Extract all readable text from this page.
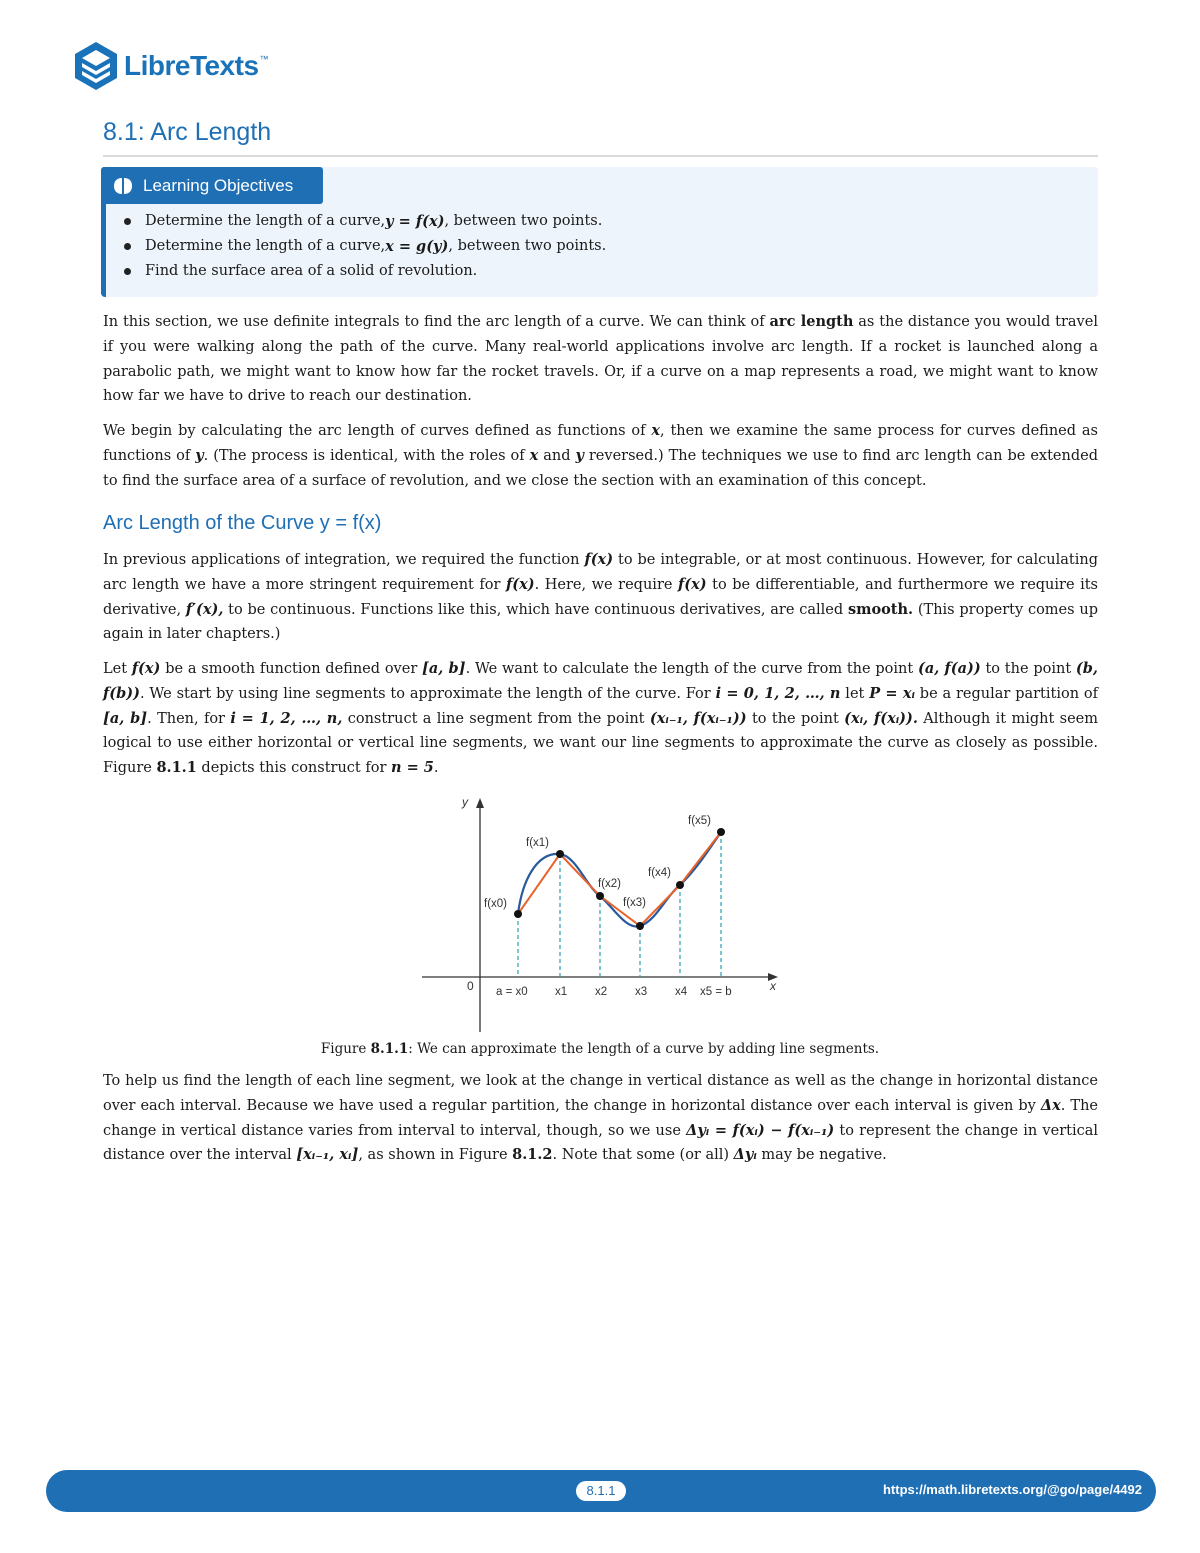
LibreTexts ™
8.1: Arc Length
Learning Objectives
Determine the length of a curve, y = f(x) , between two points.
Determine the length of a curve, x = g(y) , between two points.
Find the surface area of a solid of revolution.

In this section, we use definite integrals to find the arc length of a curve. We can think of arc length as the distance you would travel if you were walking along the path of the curve. Many real-world applications involve arc length. If a rocket is launched along a parabolic path, we might want to know how far the rocket travels. Or, if a curve on a map represents a road, we might want to know how far we have to drive to reach our destination.

We begin by calculating the arc length of curves defined as functions of x, then we examine the same process for curves defined as functions of y. (The process is identical, with the roles of x and y reversed.) The techniques we use to find arc length can be extended to find the surface area of a surface of revolution, and we close the section with an examination of this concept.

Arc Length of the Curve y = f(x)

In previous applications of integration, we required the function f(x) to be integrable, or at most continuous. However, for calculating arc length we have a more stringent requirement for f(x). Here, we require f(x) to be differentiable, and furthermore we require its derivative, f′(x), to be continuous. Functions like this, which have continuous derivatives, are called smooth. (This property comes up again in later chapters.)

Let f(x) be a smooth function defined over [a, b]. We want to calculate the length of the curve from the point (a, f(a)) to the point (b, f(b)). We start by using line segments to approximate the length of the curve. For i = 0, 1, 2, …, n let P = xᵢ be a regular partition of [a, b]. Then, for i = 1, 2, …, n, construct a line segment from the point (xᵢ₋₁, f(xᵢ₋₁)) to the point (xᵢ, f(xᵢ)). Although it might seem logical to use either horizontal or vertical line segments, we want our line segments to approximate the curve as closely as possible. Figure 8.1.1 depicts this construct for n = 5.

y
x
0
f(x0)
f(x1)
f(x2)
f(x3)
f(x4)
f(x5)
a = x0 x1 x2 x3 x4 x5 = b
Figure 8.1.1: We can approximate the length of a curve by adding line segments.

To help us find the length of each line segment, we look at the change in vertical distance as well as the change in horizontal distance over each interval. Because we have used a regular partition, the change in horizontal distance over each interval is given by Δx. The change in vertical distance varies from interval to interval, though, so we use Δyᵢ = f(xᵢ) − f(xᵢ₋₁) to represent the change in vertical distance over the interval [xᵢ₋₁, xᵢ], as shown in Figure 8.1.2. Note that some (or all) Δyᵢ may be negative.

8.1.1	https://math.libretexts.org/@go/page/4492
